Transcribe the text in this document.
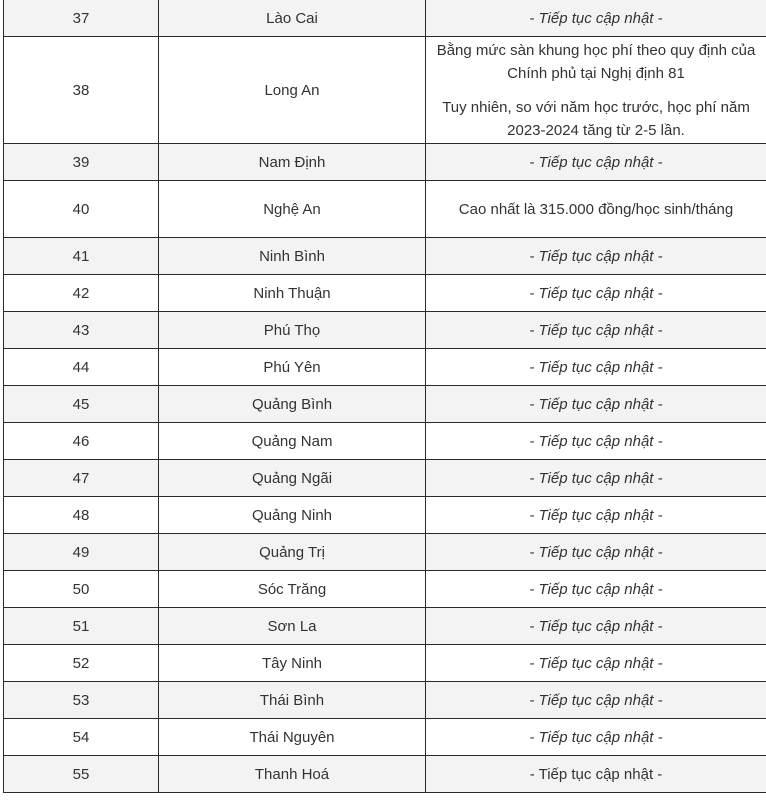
37	Lào Cai	- Tiếp tục cập nhật -
38	Long An	Bằng mức sàn khung học phí theo quy định của Chính phủ tại Nghị định 81

Tuy nhiên, so với năm học trước, học phí năm 2023-2024 tăng từ 2-5 lần.

39	Nam Định	- Tiếp tục cập nhật -
40	Nghệ An	Cao nhất là 315.000 đồng/học sinh/tháng
41	Ninh Bình	- Tiếp tục cập nhật -
42	Ninh Thuận	- Tiếp tục cập nhật -
43	Phú Thọ	- Tiếp tục cập nhật -
44	Phú Yên	- Tiếp tục cập nhật -
45	Quảng Bình	- Tiếp tục cập nhật -
46	Quảng Nam	- Tiếp tục cập nhật -
47	Quảng Ngãi	- Tiếp tục cập nhật -
48	Quảng Ninh	- Tiếp tục cập nhật -
49	Quảng Trị	- Tiếp tục cập nhật -
50	Sóc Trăng	- Tiếp tục cập nhật -
51	Sơn La	- Tiếp tục cập nhật -
52	Tây Ninh	- Tiếp tục cập nhật -
53	Thái Bình	- Tiếp tục cập nhật -
54	Thái Nguyên	- Tiếp tục cập nhật -
55	Thanh Hoá	- Tiếp tục cập nhật -
